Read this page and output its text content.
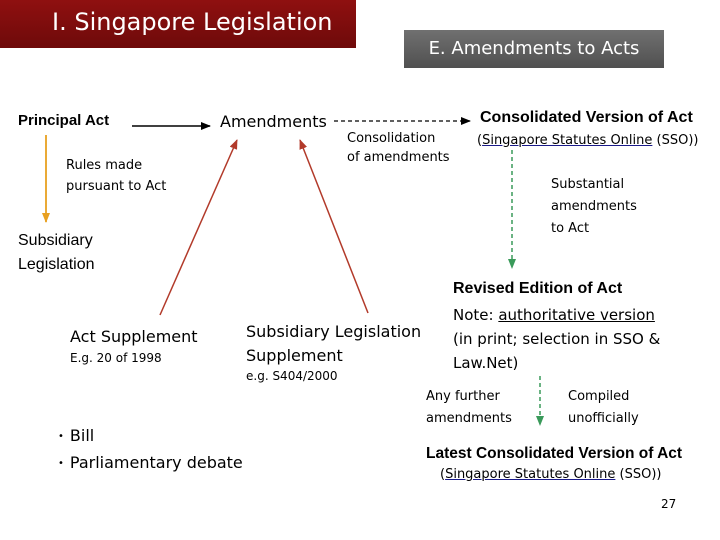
I. Singapore Legislation
E. Amendments to Acts
Principal Act	Amendments
Rules made
pursuant to Act
Subsidiary
Legislation
Act Supplement
E.g. 20 of 1998
Subsidiary Legislation
Supplement
e.g. S404/2000
• Bill
• Parliamentary debate
Consolidation
of amendments
Consolidated Version of Act
(Singapore Statutes Online (SSO))
Substantial
amendments
to Act
Revised Edition of Act
Note: authoritative version
(in print; selection in SSO &
Law.Net)
Any further
amendments
Compiled
unofficially
Latest Consolidated Version of Act
(Singapore Statutes Online (SSO))
27
